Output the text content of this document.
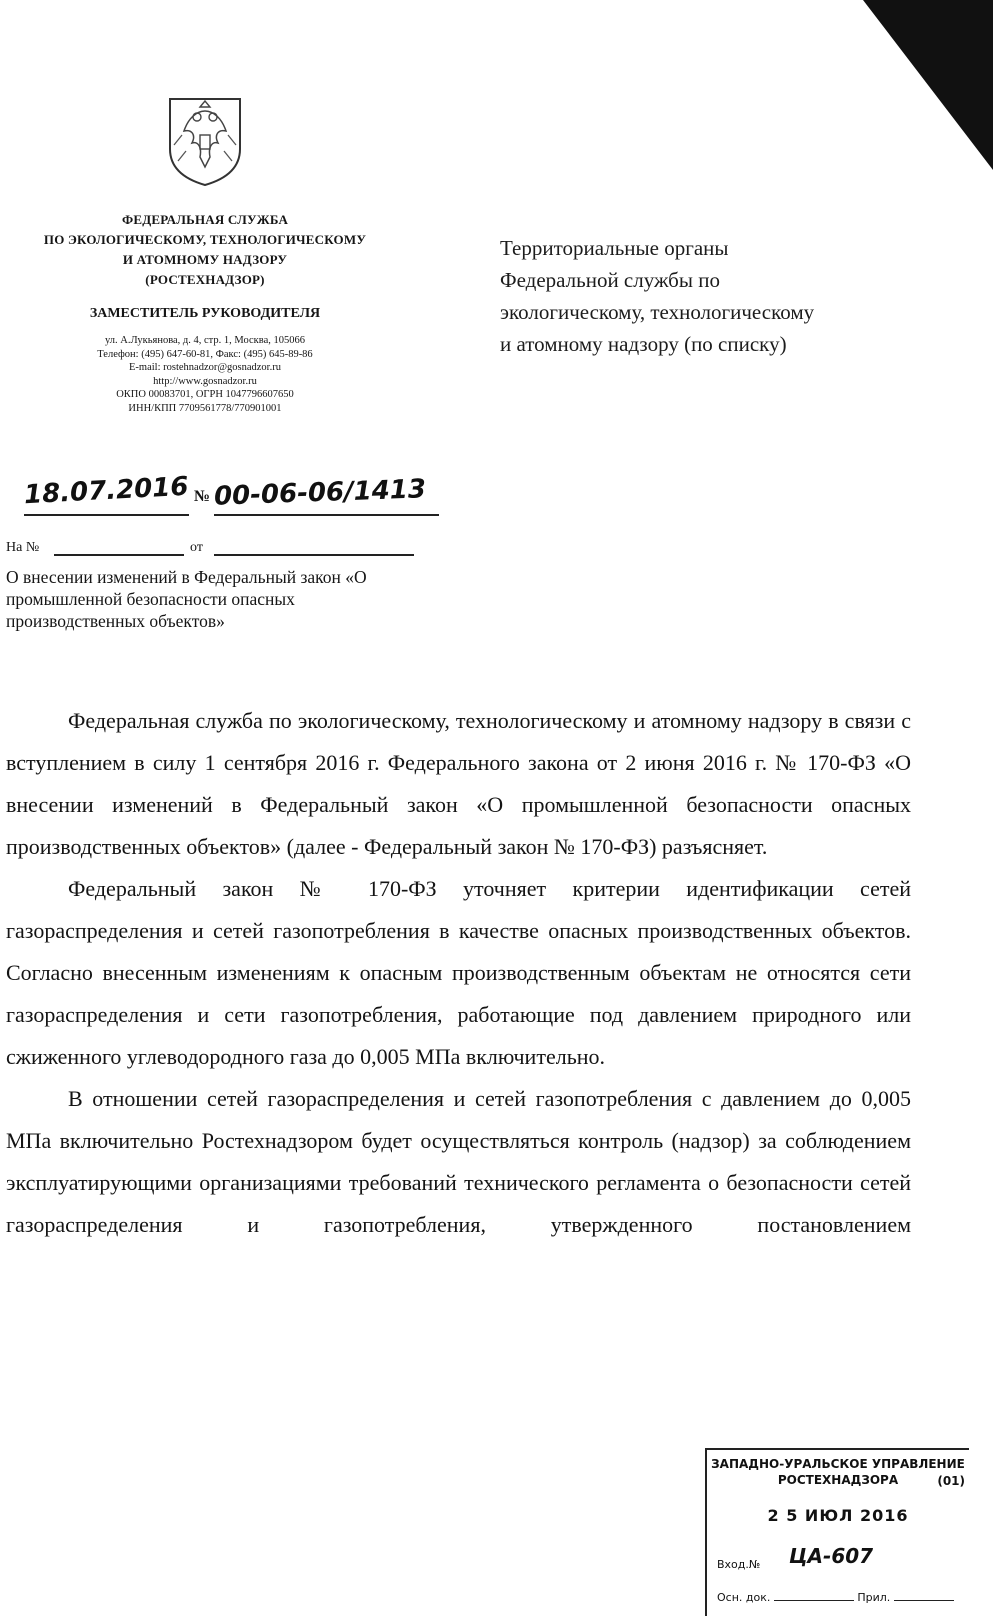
ФЕДЕРАЛЬНАЯ СЛУЖБА
ПО ЭКОЛОГИЧЕСКОМУ, ТЕХНОЛОГИЧЕСКОМУ
И АТОМНОМУ НАДЗОРУ
(РОСТЕХНАДЗОР)
ЗАМЕСТИТЕЛЬ РУКОВОДИТЕЛЯ
ул. А.Лукьянова, д. 4, стр. 1, Москва, 105066
Телефон: (495) 647-60-81, Факс: (495) 645-89-86
E-mail: rostehnadzor@gosnadzor.ru
http://www.gosnadzor.ru
ОКПО 00083701, ОГРН 1047796607650
ИНН/КПП 7709561778/770901001
Территориальные органы
Федеральной службы по
экологическому, технологическому
и атомному надзору (по списку)
18.07.2016 № 00-06-06/1413
На №	от
О внесении изменений в Федеральный закон «О промышленной безопасности опасных производственных объектов»

Федеральная служба по экологическому, технологическому и атомному надзору в связи с вступлением в силу 1 сентября 2016 г. Федерального закона от 2 июня 2016 г. № 170-ФЗ «О внесении изменений в Федеральный закон «О промышленной безопасности опасных производственных объектов» (далее - Федеральный закон № 170-ФЗ) разъясняет.

Федеральный закон № 170-ФЗ уточняет критерии идентификации сетей газораспределения и сетей газопотребления в качестве опасных производственных объектов. Согласно внесенным изменениям к опасным производственным объектам не относятся сети газораспределения и сети газопотребления, работающие под давлением природного или сжиженного углеводородного газа до 0,005 МПа включительно.

В отношении сетей газораспределения и сетей газопотребления с давлением до 0,005 МПа включительно Ростехнадзором будет осуществляться контроль (надзор) за соблюдением эксплуатирующими организациями требований технического регламента о безопасности сетей газораспределения и газопотребления, утвержденного постановлением

ЗАПАДНО-УРАЛЬСКОЕ УПРАВЛЕНИЕ
РОСТЕХНАДЗОРА	(01)
2 5 ИЮЛ 2016
Вход.№ ЦА-607
Осн. док.	Прил.
